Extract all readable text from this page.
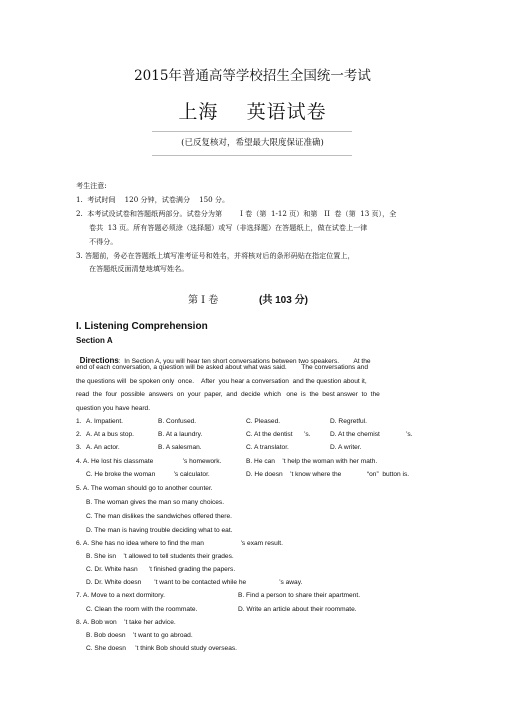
2015年普通高等学校招生全国统一考试
上海    英语试卷
(已反复核对，希望最大限度保证准确)
考生注意:
1.  考试时间    120 分钟，试卷满分    150 分。
2.  本考试设试卷和答题纸两部分。试卷分为第        I 卷（第  1-12 页）和第   II  卷（第  13 页），全
卷共  13 页。所有答题必须涂（选择题）或写（非选择题）在答题纸上，做在试卷上一律
不得分。
3. 答题前，务必在答题纸上填写准考证号和姓名，并将核对后的条形码贴在指定位置上，
在答题纸反面清楚地填写姓名。
第 I 卷	(共 103 分)
I. Listening Comprehension
Section A

Directions:  In Section A, you will hear ten short conversations between two speakers.        At the

end of each conversation, a question will be asked about what was said.        The conversations and
the questions will  be spoken only  once.    After  you hear a conversation  and the question about it,
read  the  four  possible  answers  on  your  paper,  and  decide  which   one  is  the  best answer  to  the
question you have heard.
1. A. Impatient.	B. Confused.	C. Pleased.	D. Regretful.
2. A. At a bus stop.	B. At a laundry.	C. At the dentist ’s.	D. At the chemist	’s.
3. A. An actor.	B. A salesman.	C. A translator.	D. A writer.
4. A. He lost his classmate                ’s homework.	B. He can    ’t help the woman with her math.
C. He broke the woman          ’s calculator.	D. He doesn    ’t know where the              “on”  button is.
5. A. The woman should go to another counter.
B. The woman gives the man so many choices.
C. The man dislikes the sandwiches offered there.
D. The man is having trouble deciding what to eat.
6. A. She has no idea where to find the man                    ’s exam result.
B. She isn    ’t allowed to tell students their grades.
C. Dr. White hasn      ’t finished grading the papers.
D. Dr. White doesn       ’t want to be contacted while he                  ’s away.
7. A. Move to a next dormitory.	B. Find a person to share their apartment.
C. Clean the room with the roommate.	D. Write an article about their roommate.
8. A. Bob won    ’t take her advice.
B. Bob doesn    ’t want to go abroad.
C. She doesn     ’t think Bob should study overseas.
